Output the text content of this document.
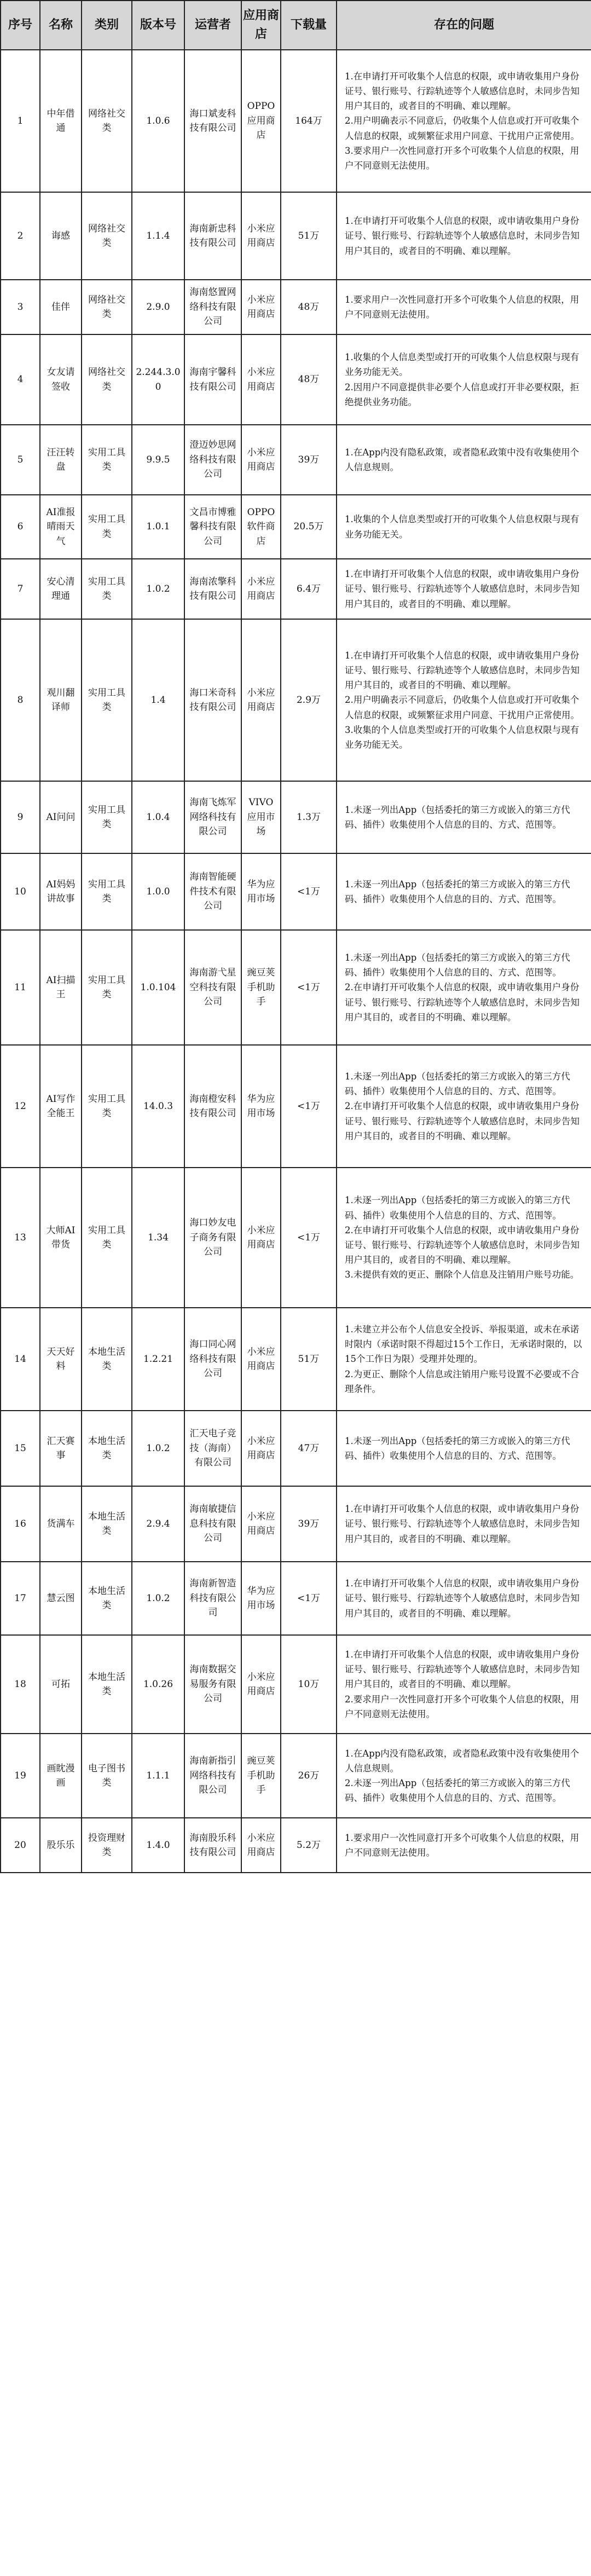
序号	名称	类别	版本号	运营者	应用商店	下载量	存在的问题
1	中年借通	网络社交类	1.0.6	海口斌麦科技有限公司	OPPO应用商店	164万	1.在申请打开可收集个人信息的权限，或申请收集用户身份证号、银行账号、行踪轨迹等个人敏感信息时，未同步告知用户其目的，或者目的不明确、难以理解。
2.用户明确表示不同意后，仍收集个人信息或打开可收集个人信息的权限，或频繁征求用户同意、干扰用户正常使用。
3.要求用户一次性同意打开多个可收集个人信息的权限，用户不同意则无法使用。

2	诲感	网络社交类	1.1.4	海南新忠科技有限公司	小米应用商店	51万	1.在申请打开可收集个人信息的权限，或申请收集用户身份证号、银行账号、行踪轨迹等个人敏感信息时，未同步告知用户其目的，或者目的不明确、难以理解。

3	佳伴	网络社交类	2.9.0	海南悠置网络科技有限公司	小米应用商店	48万	1.要求用户一次性同意打开多个可收集个人信息的权限，用户不同意则无法使用。

4	女友请签收	网络社交类	2.244.3.00	海南宇馨科技有限公司	小米应用商店	48万	1.收集的个人信息类型或打开的可收集个人信息权限与现有业务功能无关。
2.因用户不同意提供非必要个人信息或打开非必要权限，拒绝提供业务功能。

5	汪汪转盘	实用工具类	9.9.5	澄迈妙思网络科技有限公司	小米应用商店	39万	1.在App内没有隐私政策，或者隐私政策中没有收集使用个人信息规则。

6	AI准报晴雨天气	实用工具类	1.0.1	文昌市博雅馨科技有限公司	OPPO软件商店	20.5万	1.收集的个人信息类型或打开的可收集个人信息权限与现有业务功能无关。

7	安心清理通	实用工具类	1.0.2	海南浓擎科技有限公司	小米应用商店	6.4万	1.在申请打开可收集个人信息的权限，或申请收集用户身份证号、银行账号、行踪轨迹等个人敏感信息时，未同步告知用户其目的，或者目的不明确、难以理解。

8	观川翻译师	实用工具类	1.4	海口米奇科技有限公司	小米应用商店	2.9万	1.在申请打开可收集个人信息的权限，或申请收集用户身份证号、银行账号、行踪轨迹等个人敏感信息时，未同步告知用户其目的，或者目的不明确、难以理解。
2.用户明确表示不同意后，仍收集个人信息或打开可收集个人信息的权限，或频繁征求用户同意、干扰用户正常使用。
3.收集的个人信息类型或打开的可收集个人信息权限与现有业务功能无关。

9	AI问问	实用工具类	1.0.4	海南飞炼军网络科技有限公司	VIVO应用市场	1.3万	1.未逐一列出App（包括委托的第三方或嵌入的第三方代码、插件）收集使用个人信息的目的、方式、范围等。

10	AI妈妈讲故事	实用工具类	1.0.0	海南智能硬件技术有限公司	华为应用市场	<1万	1.未逐一列出App（包括委托的第三方或嵌入的第三方代码、插件）收集使用个人信息的目的、方式、范围等。

11	AI扫描王	实用工具类	1.0.104	海南游弋星空科技有限公司	豌豆荚手机助手	<1万	1.未逐一列出App（包括委托的第三方或嵌入的第三方代码、插件）收集使用个人信息的目的、方式、范围等。
2.在申请打开可收集个人信息的权限，或申请收集用户身份证号、银行账号、行踪轨迹等个人敏感信息时，未同步告知用户其目的，或者目的不明确、难以理解。

12	AI写作全能王	实用工具类	14.0.3	海南橙安科技有限公司	华为应用市场	<1万	1.未逐一列出App（包括委托的第三方或嵌入的第三方代码、插件）收集使用个人信息的目的、方式、范围等。
2.在申请打开可收集个人信息的权限，或申请收集用户身份证号、银行账号、行踪轨迹等个人敏感信息时，未同步告知用户其目的，或者目的不明确、难以理解。

13	大师AI带货	实用工具类	1.34	海口妙友电子商务有限公司	小米应用商店	<1万	1.未逐一列出App（包括委托的第三方或嵌入的第三方代码、插件）收集使用个人信息的目的、方式、范围等。
2.在申请打开可收集个人信息的权限，或申请收集用户身份证号、银行账号、行踪轨迹等个人敏感信息时，未同步告知用户其目的，或者目的不明确、难以理解。
3.未提供有效的更正、删除个人信息及注销用户账号功能。

14	天天好料	本地生活类	1.2.21	海口同心网络科技有限公司	小米应用商店	51万	1.未建立并公布个人信息安全投诉、举报渠道，或未在承诺时限内（承诺时限不得超过15个工作日，无承诺时限的，以15个工作日为限）受理并处理的。
2.为更正、删除个人信息或注销用户账号设置不必要或不合理条件。

15	汇天赛事	本地生活类	1.0.2	汇天电子竞技（海南）有限公司	小米应用商店	47万	1.未逐一列出App（包括委托的第三方或嵌入的第三方代码、插件）收集使用个人信息的目的、方式、范围等。

16	货满车	本地生活类	2.9.4	海南敏捷信息科技有限公司	小米应用商店	39万	1.在申请打开可收集个人信息的权限，或申请收集用户身份证号、银行账号、行踪轨迹等个人敏感信息时，未同步告知用户其目的，或者目的不明确、难以理解。

17	慧云图	本地生活类	1.0.2	海南新智造科技有限公司	华为应用市场	<1万	1.在申请打开可收集个人信息的权限，或申请收集用户身份证号、银行账号、行踪轨迹等个人敏感信息时，未同步告知用户其目的，或者目的不明确、难以理解。

18	可拓	本地生活类	1.0.26	海南数据交易服务有限公司	小米应用商店	10万	1.在申请打开可收集个人信息的权限，或申请收集用户身份证号、银行账号、行踪轨迹等个人敏感信息时，未同步告知用户其目的，或者目的不明确、难以理解。
2.要求用户一次性同意打开多个可收集个人信息的权限，用户不同意则无法使用。

19	画眈漫画	电子图书类	1.1.1	海南新指引网络科技有限公司	豌豆荚手机助手	26万	1.在App内没有隐私政策，或者隐私政策中没有收集使用个人信息规则。
2.未逐一列出App（包括委托的第三方或嵌入的第三方代码、插件）收集使用个人信息的目的、方式、范围等。

20	股乐乐	投资理财类	1.4.0	海南股乐科技有限公司	小米应用商店	5.2万	1.要求用户一次性同意打开多个可收集个人信息的权限，用户不同意则无法使用。
